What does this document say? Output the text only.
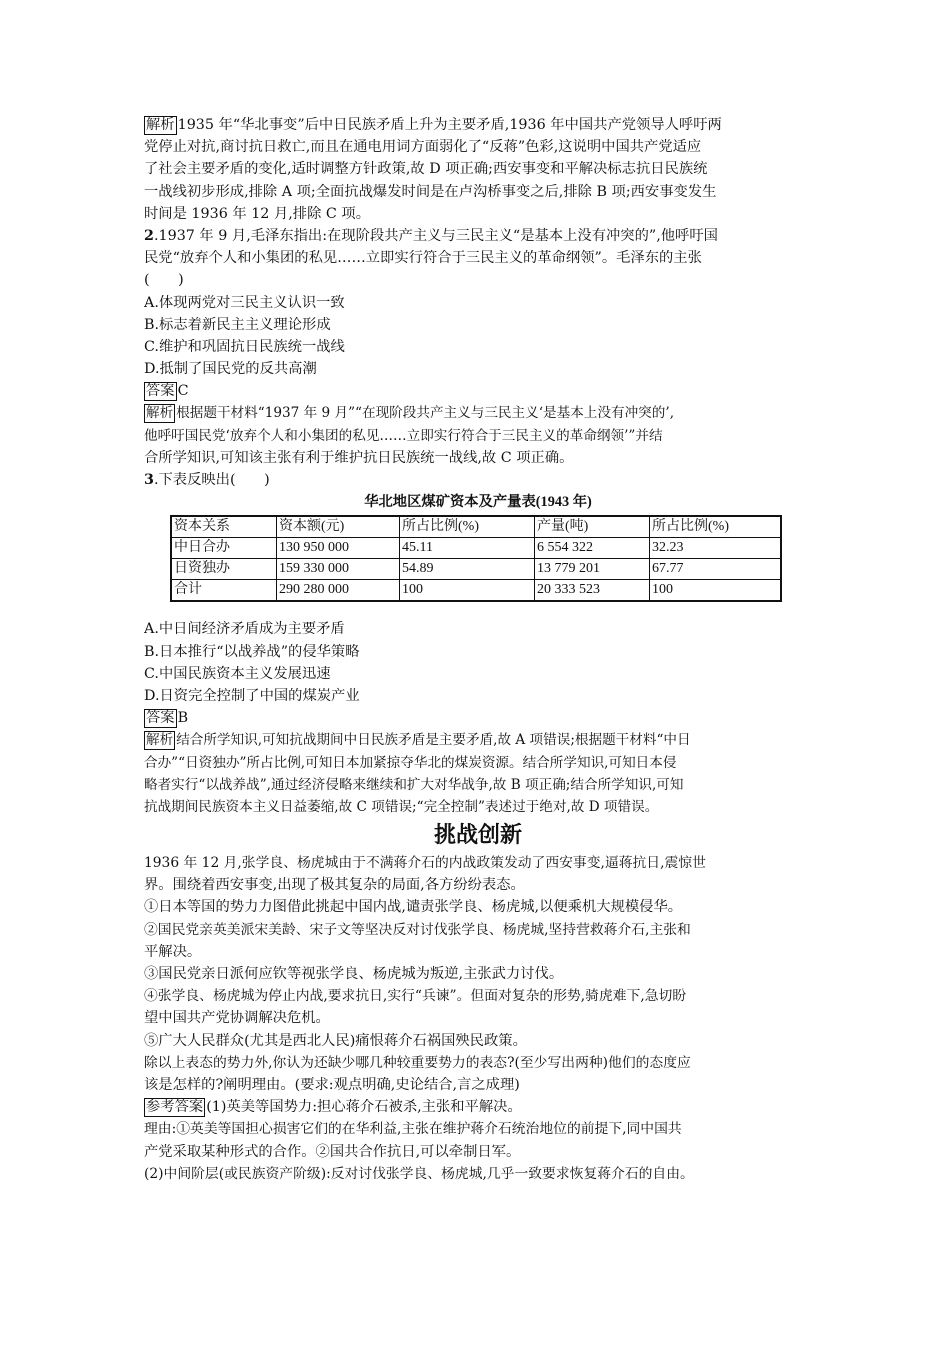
解析 1935 年“华北事变”后中日民族矛盾上升为主要矛盾,1936 年中国共产党领导人呼吁两
党停止对抗,商讨抗日救亡,而且在通电用词方面弱化了“反蒋”色彩,这说明中国共产党适应
了社会主要矛盾的变化,适时调整方针政策,故 D 项正确;西安事变和平解决标志抗日民族统
一战线初步形成,排除 A 项;全面抗战爆发时间是在卢沟桥事变之后,排除 B 项;西安事变发生
时间是 1936 年 12 月,排除 C 项。
2.1937 年 9 月,毛泽东指出:在现阶段共产主义与三民主义“是基本上没有冲突的”,他呼吁国
民党“放弃个人和小集团的私见……立即实行符合于三民主义的革命纲领”。毛泽东的主张
(　　)
A.体现两党对三民主义认识一致
B.标志着新民主主义理论形成
C.维护和巩固抗日民族统一战线
D.抵制了国民党的反共高潮
答案 C
解析 根据题干材料“1937 年 9 月”“在现阶段共产主义与三民主义‘是基本上没有冲突的’,
他呼吁国民党‘放弃个人和小集团的私见……立即实行符合于三民主义的革命纲领’”并结
合所学知识,可知该主张有利于维护抗日民族统一战线,故 C 项正确。
3.下表反映出(　　)
华北地区煤矿资本及产量表(1943 年)
资本关系	资本额(元)	所占比例(%)	产量(吨)	所占比例(%)
中日合办	130 950 000	45.11	6 554 322	32.23
日资独办	159 330 000	54.89	13 779 201	67.77
合计	290 280 000	100	20 333 523	100
A.中日间经济矛盾成为主要矛盾
B.日本推行“以战养战”的侵华策略
C.中国民族资本主义发展迅速
D.日资完全控制了中国的煤炭产业
答案 B
解析 结合所学知识,可知抗战期间中日民族矛盾是主要矛盾,故 A 项错误;根据题干材料“中日
合办”“日资独办”所占比例,可知日本加紧掠夺华北的煤炭资源。结合所学知识,可知日本侵
略者实行“以战养战”,通过经济侵略来继续和扩大对华战争,故 B 项正确;结合所学知识,可知
抗战期间民族资本主义日益萎缩,故 C 项错误;“完全控制”表述过于绝对,故 D 项错误。
挑战创新
1936 年 12 月,张学良、杨虎城由于不满蒋介石的内战政策发动了西安事变,逼蒋抗日,震惊世
界。围绕着西安事变,出现了极其复杂的局面,各方纷纷表态。
①日本等国的势力力图借此挑起中国内战,谴责张学良、杨虎城,以便乘机大规模侵华。
②国民党亲英美派宋美龄、宋子文等坚决反对讨伐张学良、杨虎城,坚持营救蒋介石,主张和
平解决。
③国民党亲日派何应钦等视张学良、杨虎城为叛逆,主张武力讨伐。
④张学良、杨虎城为停止内战,要求抗日,实行“兵谏”。但面对复杂的形势,骑虎难下,急切盼
望中国共产党协调解决危机。
⑤广大人民群众(尤其是西北人民)痛恨蒋介石祸国殃民政策。
除以上表态的势力外,你认为还缺少哪几种较重要势力的表态?(至少写出两种)他们的态度应
该是怎样的?阐明理由。(要求:观点明确,史论结合,言之成理)
参考答案 (1)英美等国势力:担心蒋介石被杀,主张和平解决。
理由:①英美等国担心损害它们的在华利益,主张在维护蒋介石统治地位的前提下,同中国共
产党采取某种形式的合作。②国共合作抗日,可以牵制日军。
(2)中间阶层(或民族资产阶级):反对讨伐张学良、杨虎城,几乎一致要求恢复蒋介石的自由。
